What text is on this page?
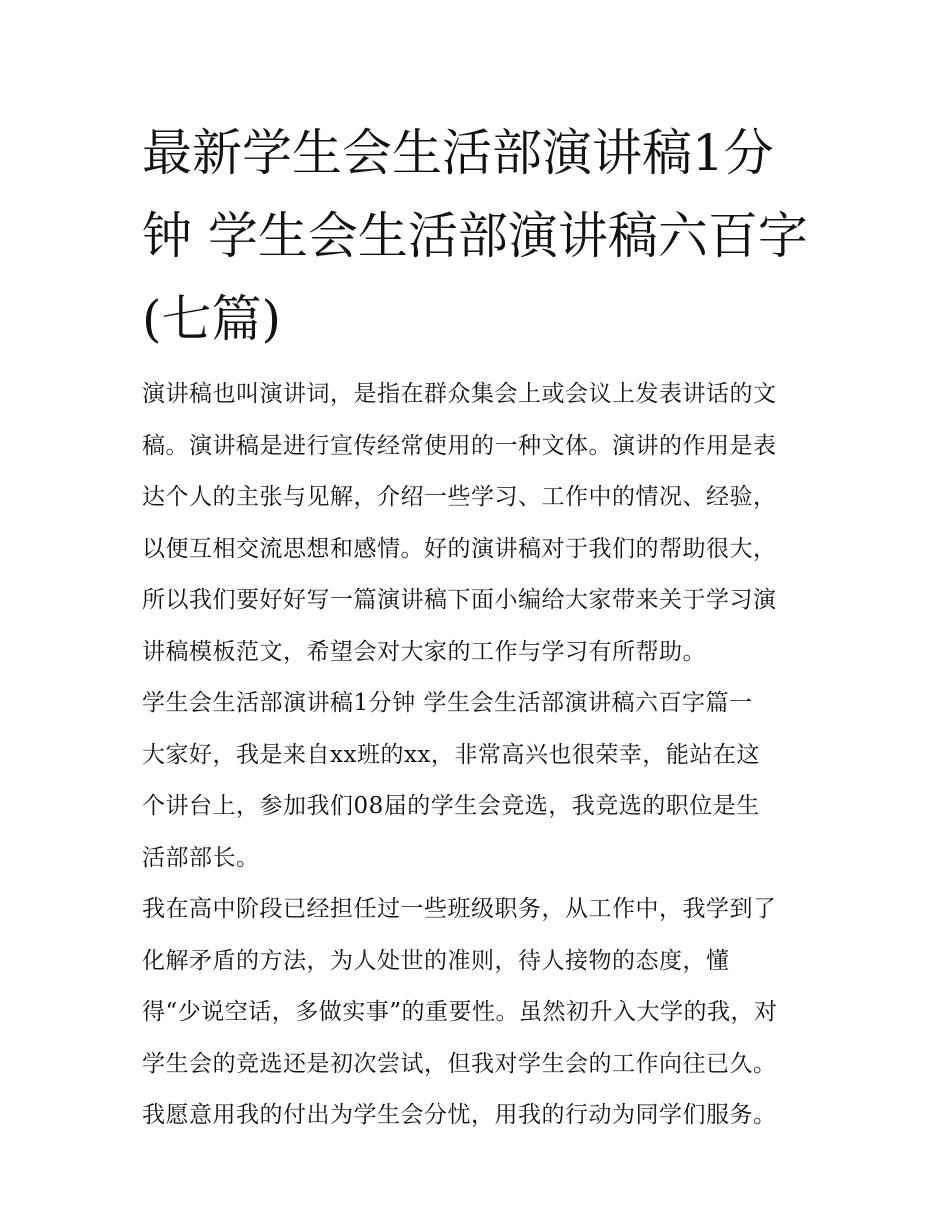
最新学生会生活部演讲稿1分
钟 学生会生活部演讲稿六百字
(七篇)

演讲稿也叫演讲词，是指在群众集会上或会议上发表讲话的文
稿。演讲稿是进行宣传经常使用的一种文体。演讲的作用是表
达个人的主张与见解，介绍一些学习、工作中的情况、经验，
以便互相交流思想和感情。好的演讲稿对于我们的帮助很大，
所以我们要好好写一篇演讲稿下面小编给大家带来关于学习演
讲稿模板范文，希望会对大家的工作与学习有所帮助。

学生会生活部演讲稿1分钟 学生会生活部演讲稿六百字篇一

大家好，我是来自xx班的xx，非常高兴也很荣幸，能站在这
个讲台上，参加我们08届的学生会竞选，我竞选的职位是生
活部部长。

我在高中阶段已经担任过一些班级职务，从工作中，我学到了
化解矛盾的方法，为人处世的准则，待人接物的态度，懂
得“少说空话，多做实事”的重要性。虽然初升入大学的我，对
学生会的竞选还是初次尝试，但我对学生会的工作向往已久。
我愿意用我的付出为学生会分忧，用我的行动为同学们服务。
